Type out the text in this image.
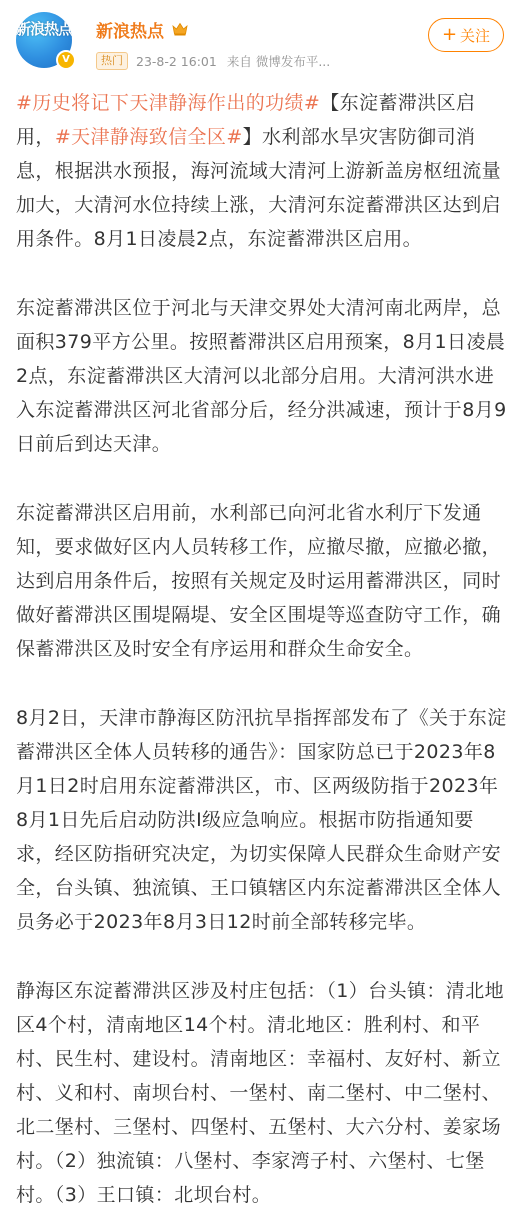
新浪热点
V
新浪热点
热门	23-8-2 16:01 来自 微博发布平...
+ 关注

#历史将记下天津静海作出的功绩#【东淀蓄滞洪区启用，#天津静海致信全区#】水利部水旱灾害防御司消息，根据洪水预报，海河流域大清河上游新盖房枢纽流量加大，大清河水位持续上涨，大清河东淀蓄滞洪区达到启用条件。8月1日凌晨2点，东淀蓄滞洪区启用。

东淀蓄滞洪区位于河北与天津交界处大清河南北两岸，总面积379平方公里。按照蓄滞洪区启用预案，8月1日凌晨2点，东淀蓄滞洪区大清河以北部分启用。大清河洪水进入东淀蓄滞洪区河北省部分后，经分洪减速，预计于8月9日前后到达天津。

东淀蓄滞洪区启用前，水利部已向河北省水利厅下发通知，要求做好区内人员转移工作，应撤尽撤，应撤必撤，达到启用条件后，按照有关规定及时运用蓄滞洪区，同时做好蓄滞洪区围堤隔堤、安全区围堤等巡查防守工作，确保蓄滞洪区及时安全有序运用和群众生命安全。

8月2日，天津市静海区防汛抗旱指挥部发布了《关于东淀蓄滞洪区全体人员转移的通告》：国家防总已于2023年8月1日2时启用东淀蓄滞洪区，市、区两级防指于2023年8月1日先后启动防洪I级应急响应。根据市防指通知要求，经区防指研究决定，为切实保障人民群众生命财产安全，台头镇、独流镇、王口镇辖区内东淀蓄滞洪区全体人员务必于2023年8月3日12时前全部转移完毕。

静海区东淀蓄滞洪区涉及村庄包括：（1）台头镇：清北地区4个村，清南地区14个村。清北地区：胜利村、和平村、民生村、建设村。清南地区：幸福村、友好村、新立村、义和村、南坝台村、一堡村、南二堡村、中二堡村、北二堡村、三堡村、四堡村、五堡村、大六分村、姜家场村。（2）独流镇：八堡村、李家湾子村、六堡村、七堡村。（3）王口镇：北坝台村。
